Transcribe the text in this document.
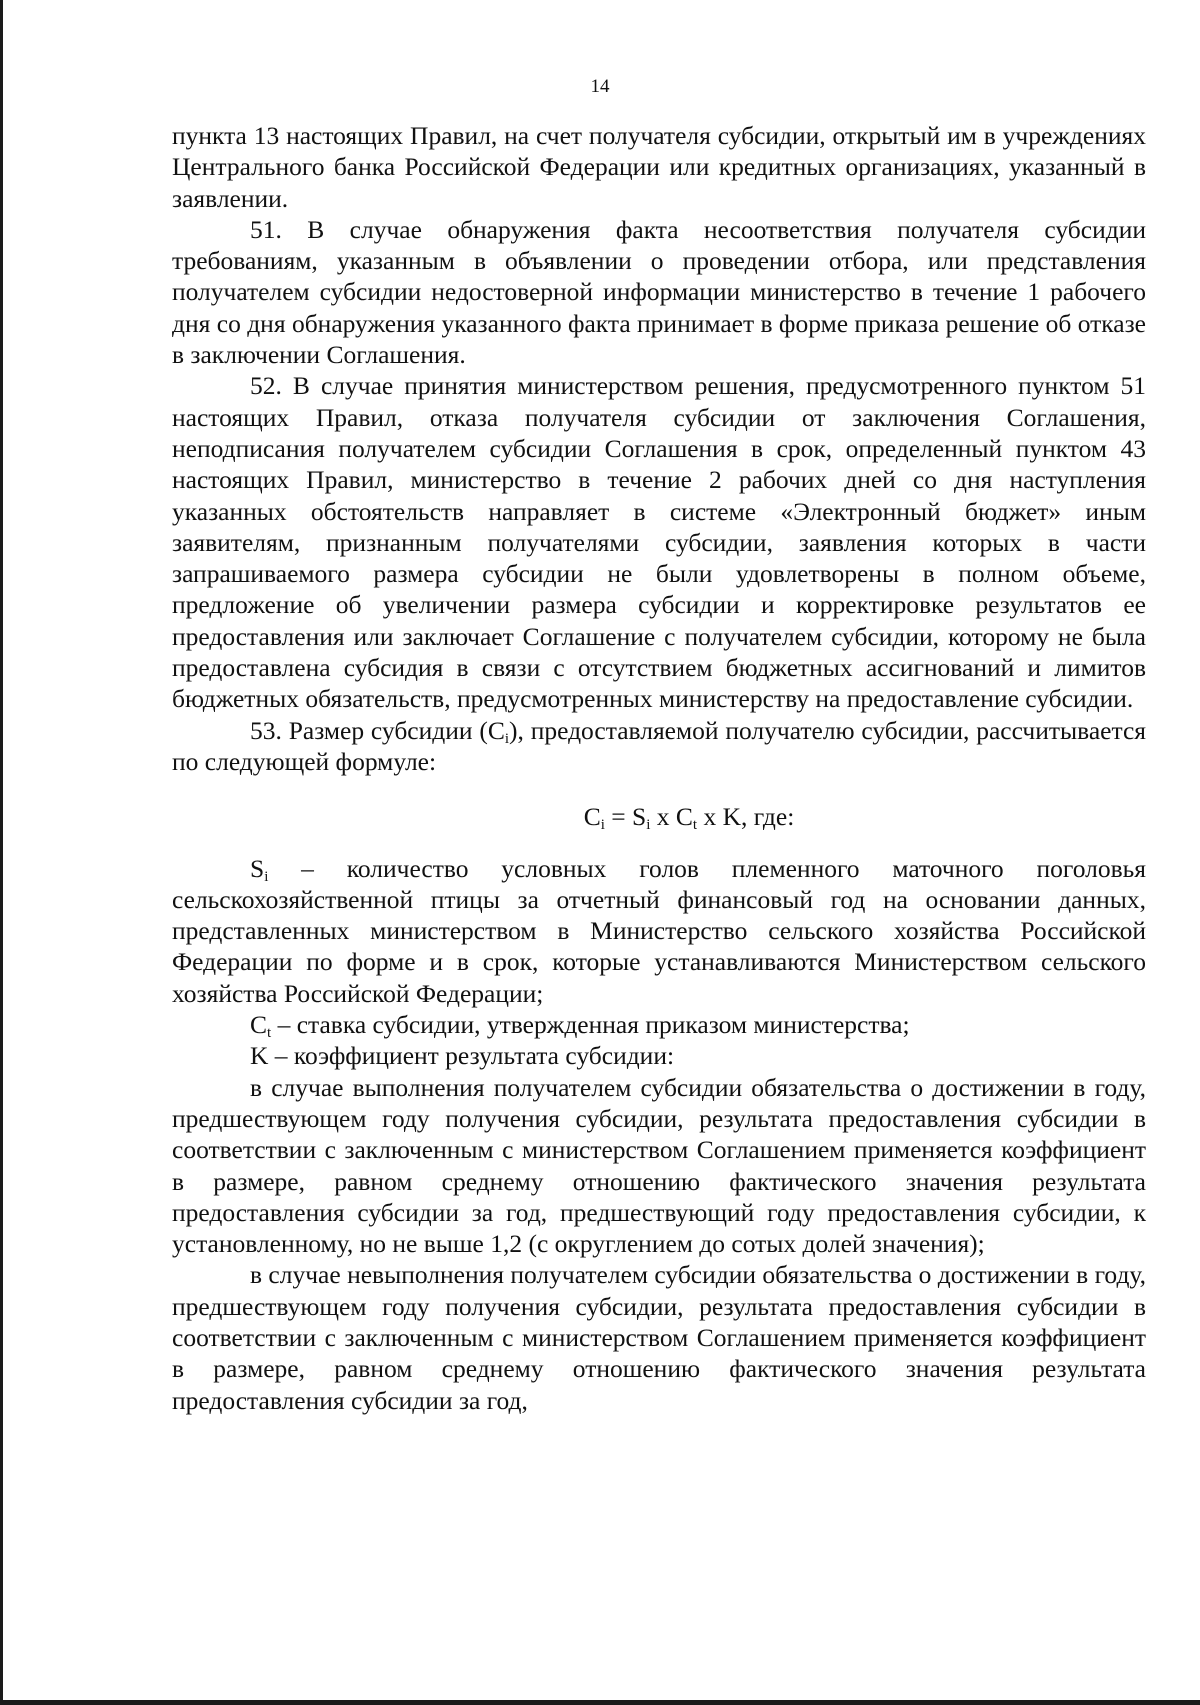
14

пункта 13 настоящих Правил, на счет получателя субсидии, открытый им в учреждениях Центрального банка Российской Федерации или кредитных организациях, указанный в заявлении.

51. В случае обнаружения факта несоответствия получателя субсидии требованиям, указанным в объявлении о проведении отбора, или представления получателем субсидии недостоверной информации министерство в течение 1 рабочего дня со дня обнаружения указанного факта принимает в форме приказа решение об отказе в заключении Соглашения.

52. В случае принятия министерством решения, предусмотренного пунктом 51 настоящих Правил, отказа получателя субсидии от заключения Соглашения, неподписания получателем субсидии Соглашения в срок, определенный пунктом 43 настоящих Правил, министерство в течение 2 рабочих дней со дня наступления указанных обстоятельств направляет в системе «Электронный бюджет» иным заявителям, признанным получателями субсидии, заявления которых в части запрашиваемого размера субсидии не были удовлетворены в полном объеме, предложение об увеличении размера субсидии и корректировке результатов ее предоставления или заключает Соглашение с получателем субсидии, которому не была предоставлена субсидия в связи с отсутствием бюджетных ассигнований и лимитов бюджетных обязательств, предусмотренных министерству на предоставление субсидии.

53. Размер субсидии $(C_i)$, предоставляемой получателю субсидии, рассчитывается по следующей формуле:

$C_i = S_i$ x $C_t$ x K, где:

$S_i$ – количество условных голов племенного маточного поголовья сельскохозяйственной птицы за отчетный финансовый год на основании данных, представленных министерством в Министерство сельского хозяйства Российской Федерации по форме и в срок, которые устанавливаются Министерством сельского хозяйства Российской Федерации;

$C_t$ – ставка субсидии, утвержденная приказом министерства;

K – коэффициент результата субсидии:

в случае выполнения получателем субсидии обязательства о достижении в году, предшествующем году получения субсидии, результата предоставления субсидии в соответствии с заключенным с министерством Соглашением применяется коэффициент в размере, равном среднему отношению фактического значения результата предоставления субсидии за год, предшествующий году предоставления субсидии, к установленному, но не выше 1,2 (с округлением до сотых долей значения);

в случае невыполнения получателем субсидии обязательства о достижении в году, предшествующем году получения субсидии, результата предоставления субсидии в соответствии с заключенным с министерством Соглашением применяется коэффициент в размере, равном среднему отношению фактического значения результата предоставления субсидии за год,
